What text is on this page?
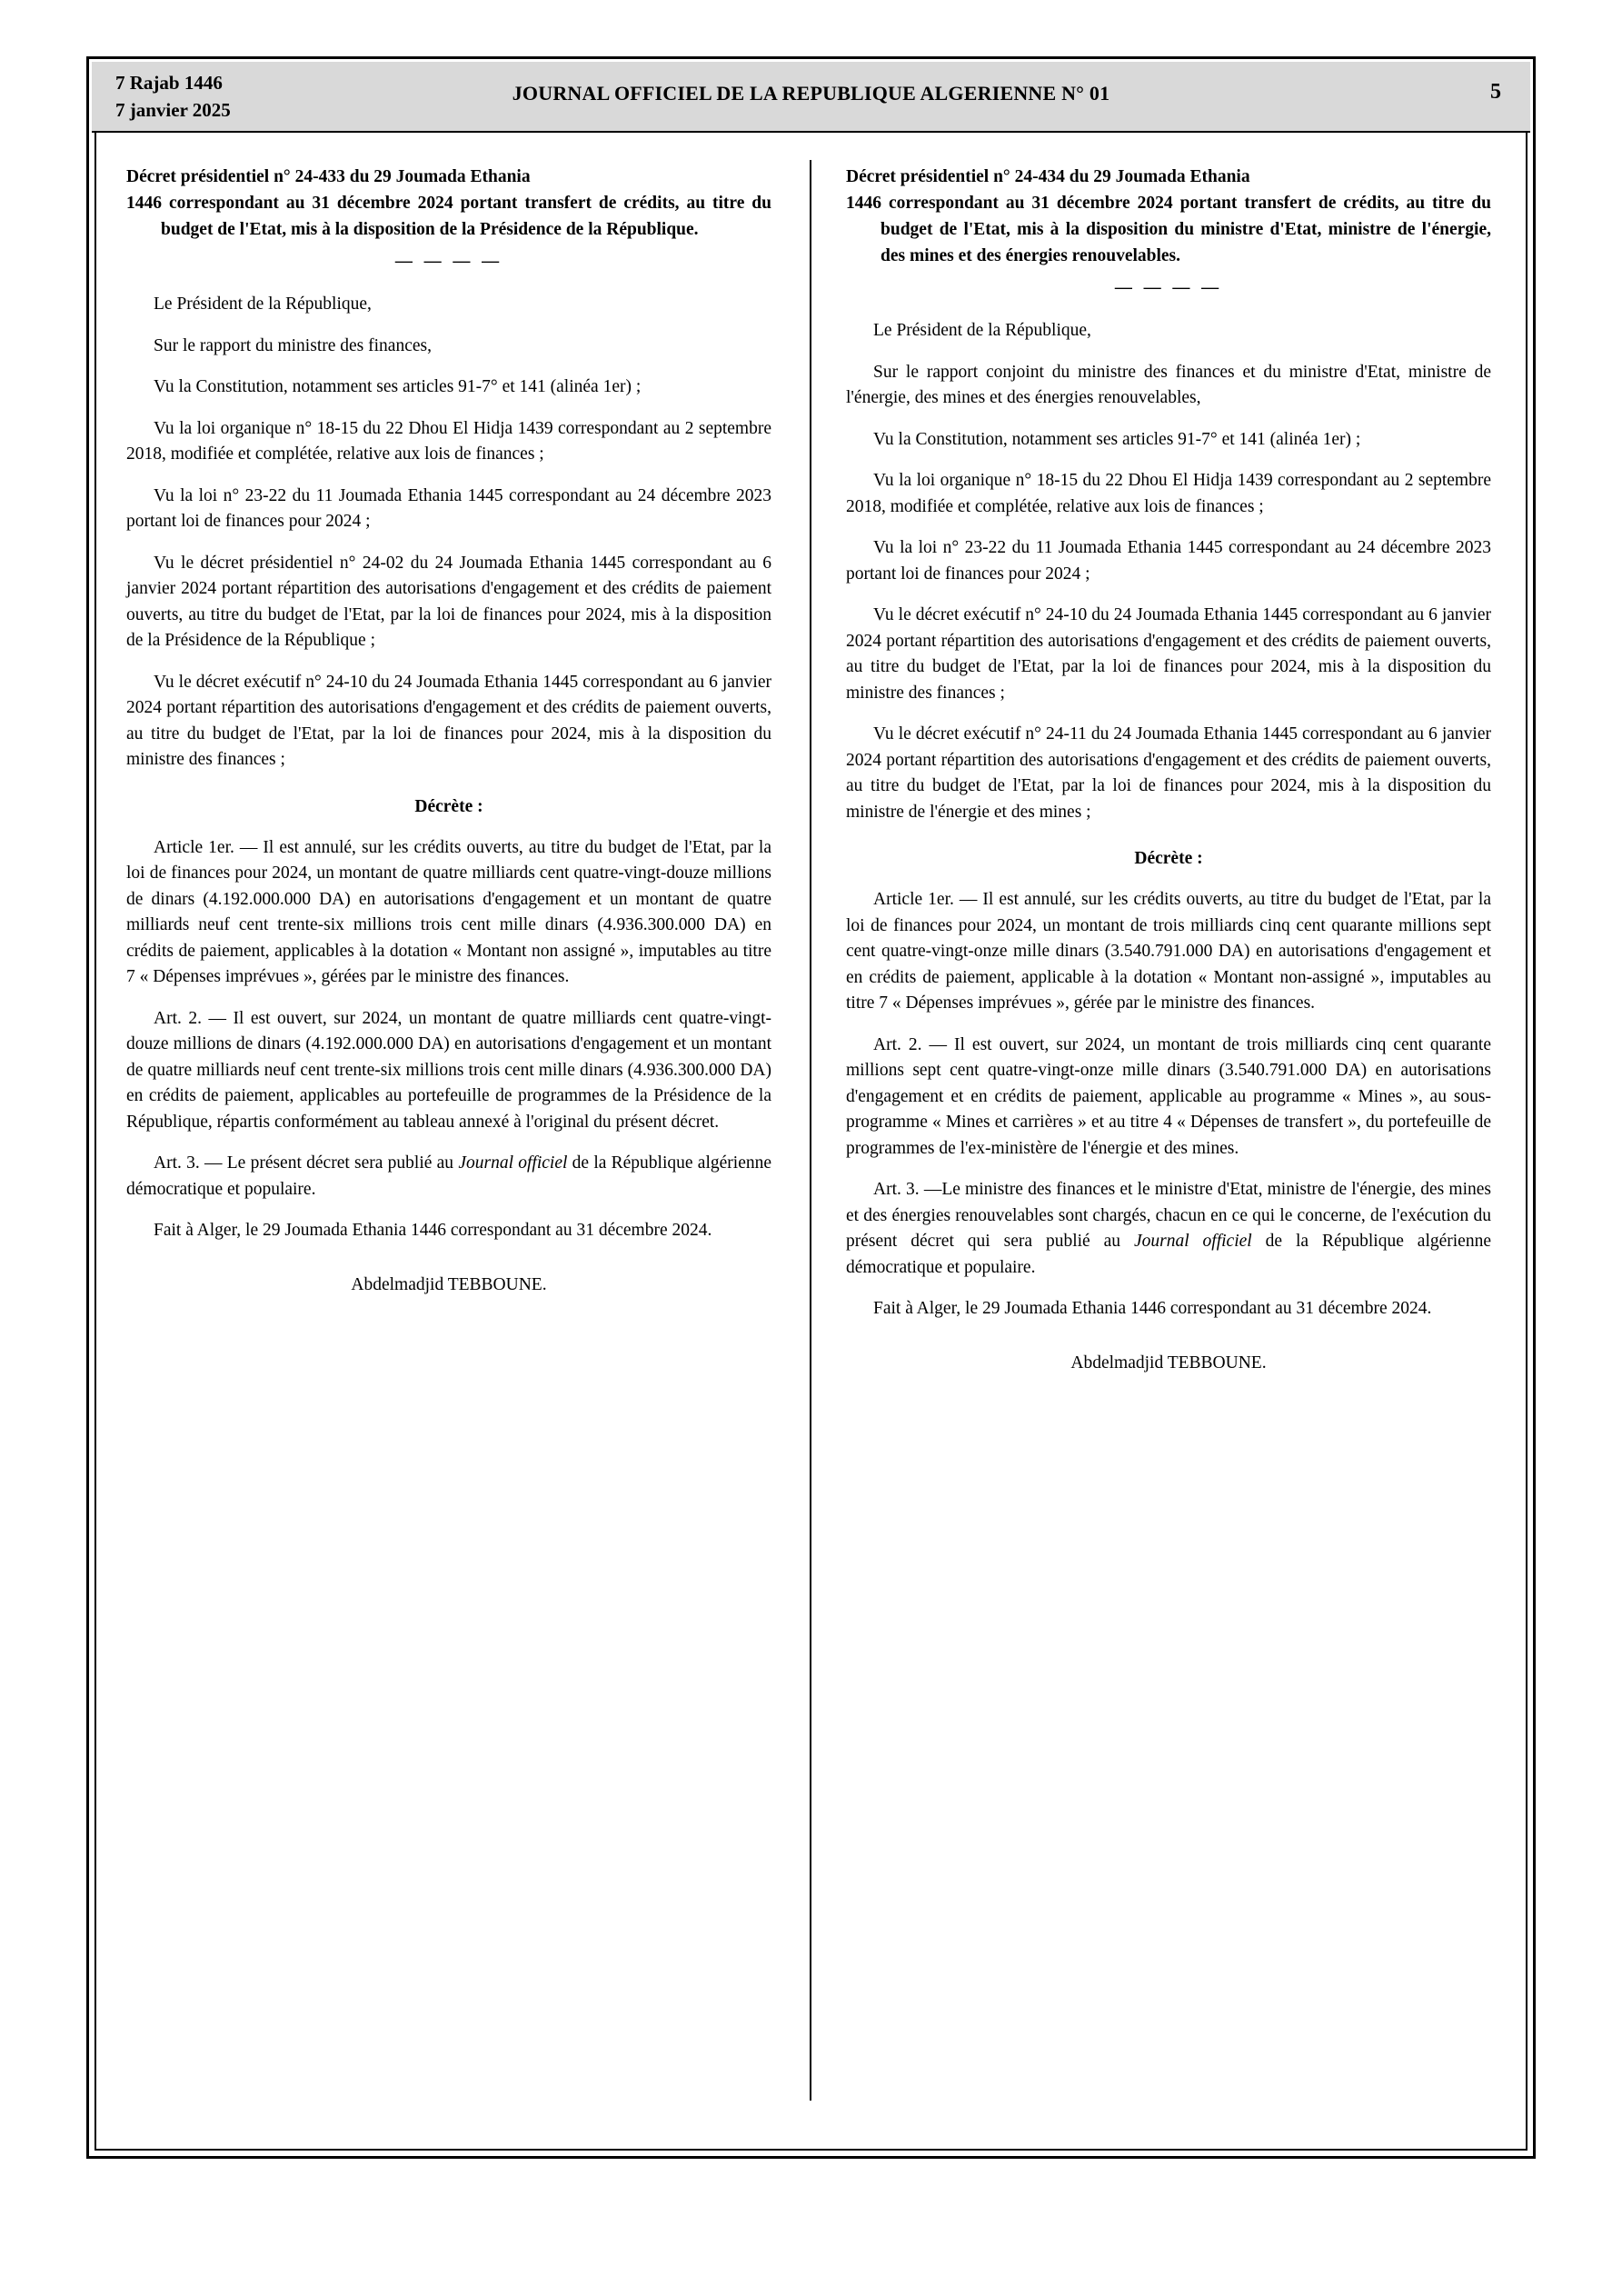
7 Rajab 1446
7 janvier 2025
JOURNAL OFFICIEL DE LA REPUBLIQUE ALGERIENNE N° 01	5
Décret présidentiel n° 24-433 du 29 Joumada Ethania
1446 correspondant au 31 décembre 2024 portant transfert de crédits, au titre du budget de l'Etat, mis à la disposition de la Présidence de la République.
— — — —

Le Président de la République,

Sur le rapport du ministre des finances,

Vu la Constitution, notamment ses articles 91-7° et 141 (alinéa 1er) ;

Vu la loi organique n° 18-15 du 22 Dhou El Hidja 1439 correspondant au 2 septembre 2018, modifiée et complétée, relative aux lois de finances ;

Vu la loi n° 23-22 du 11 Joumada Ethania 1445 correspondant au 24 décembre 2023 portant loi de finances pour 2024 ;

Vu le décret présidentiel n° 24-02 du 24 Joumada Ethania 1445 correspondant au 6 janvier 2024 portant répartition des autorisations d'engagement et des crédits de paiement ouverts, au titre du budget de l'Etat, par la loi de finances pour 2024, mis à la disposition de la Présidence de la République ;

Vu le décret exécutif n° 24-10 du 24 Joumada Ethania 1445 correspondant au 6 janvier 2024 portant répartition des autorisations d'engagement et des crédits de paiement ouverts, au titre du budget de l'Etat, par la loi de finances pour 2024, mis à la disposition du ministre des finances ;

Décrète :

Article 1er. — Il est annulé, sur les crédits ouverts, au titre du budget de l'Etat, par la loi de finances pour 2024, un montant de quatre milliards cent quatre-vingt-douze millions de dinars (4.192.000.000 DA) en autorisations d'engagement et un montant de quatre milliards neuf cent trente-six millions trois cent mille dinars (4.936.300.000 DA) en crédits de paiement, applicables à la dotation « Montant non assigné », imputables au titre 7 « Dépenses imprévues », gérées par le ministre des finances.

Art. 2. — Il est ouvert, sur 2024, un montant de quatre milliards cent quatre-vingt-douze millions de dinars (4.192.000.000 DA) en autorisations d'engagement et un montant de quatre milliards neuf cent trente-six millions trois cent mille dinars (4.936.300.000 DA) en crédits de paiement, applicables au portefeuille de programmes de la Présidence de la République, répartis conformément au tableau annexé à l'original du présent décret.

Art. 3. — Le présent décret sera publié au Journal officiel de la République algérienne démocratique et populaire.

Fait à Alger, le 29 Joumada Ethania 1446 correspondant au 31 décembre 2024.

Abdelmadjid TEBBOUNE.

Décret présidentiel n° 24-434 du 29 Joumada Ethania
1446 correspondant au 31 décembre 2024 portant transfert de crédits, au titre du budget de l'Etat, mis à la disposition du ministre d'Etat, ministre de l'énergie, des mines et des énergies renouvelables.
— — — —

Le Président de la République,

Sur le rapport conjoint du ministre des finances et du ministre d'Etat, ministre de l'énergie, des mines et des énergies renouvelables,

Vu la Constitution, notamment ses articles 91-7° et 141 (alinéa 1er) ;

Vu la loi organique n° 18-15 du 22 Dhou El Hidja 1439 correspondant au 2 septembre 2018, modifiée et complétée, relative aux lois de finances ;

Vu la loi n° 23-22 du 11 Joumada Ethania 1445 correspondant au 24 décembre 2023 portant loi de finances pour 2024 ;

Vu le décret exécutif n° 24-10 du 24 Joumada Ethania 1445 correspondant au 6 janvier 2024 portant répartition des autorisations d'engagement et des crédits de paiement ouverts, au titre du budget de l'Etat, par la loi de finances pour 2024, mis à la disposition du ministre des finances ;

Vu le décret exécutif n° 24-11 du 24 Joumada Ethania 1445 correspondant au 6 janvier 2024 portant répartition des autorisations d'engagement et des crédits de paiement ouverts, au titre du budget de l'Etat, par la loi de finances pour 2024, mis à la disposition du ministre de l'énergie et des mines ;

Décrète :

Article 1er. — Il est annulé, sur les crédits ouverts, au titre du budget de l'Etat, par la loi de finances pour 2024, un montant de trois milliards cinq cent quarante millions sept cent quatre-vingt-onze mille dinars (3.540.791.000 DA) en autorisations d'engagement et en crédits de paiement, applicable à la dotation « Montant non-assigné », imputables au titre 7 « Dépenses imprévues », gérée par le ministre des finances.

Art. 2. — Il est ouvert, sur 2024, un montant de trois milliards cinq cent quarante millions sept cent quatre-vingt-onze mille dinars (3.540.791.000 DA) en autorisations d'engagement et en crédits de paiement, applicable au programme « Mines », au sous-programme « Mines et carrières » et au titre 4 « Dépenses de transfert », du portefeuille de programmes de l'ex-ministère de l'énergie et des mines.

Art. 3. —Le ministre des finances et le ministre d'Etat, ministre de l'énergie, des mines et des énergies renouvelables sont chargés, chacun en ce qui le concerne, de l'exécution du présent décret qui sera publié au Journal officiel de la République algérienne démocratique et populaire.

Fait à Alger, le 29 Joumada Ethania 1446 correspondant au 31 décembre 2024.

Abdelmadjid TEBBOUNE.
